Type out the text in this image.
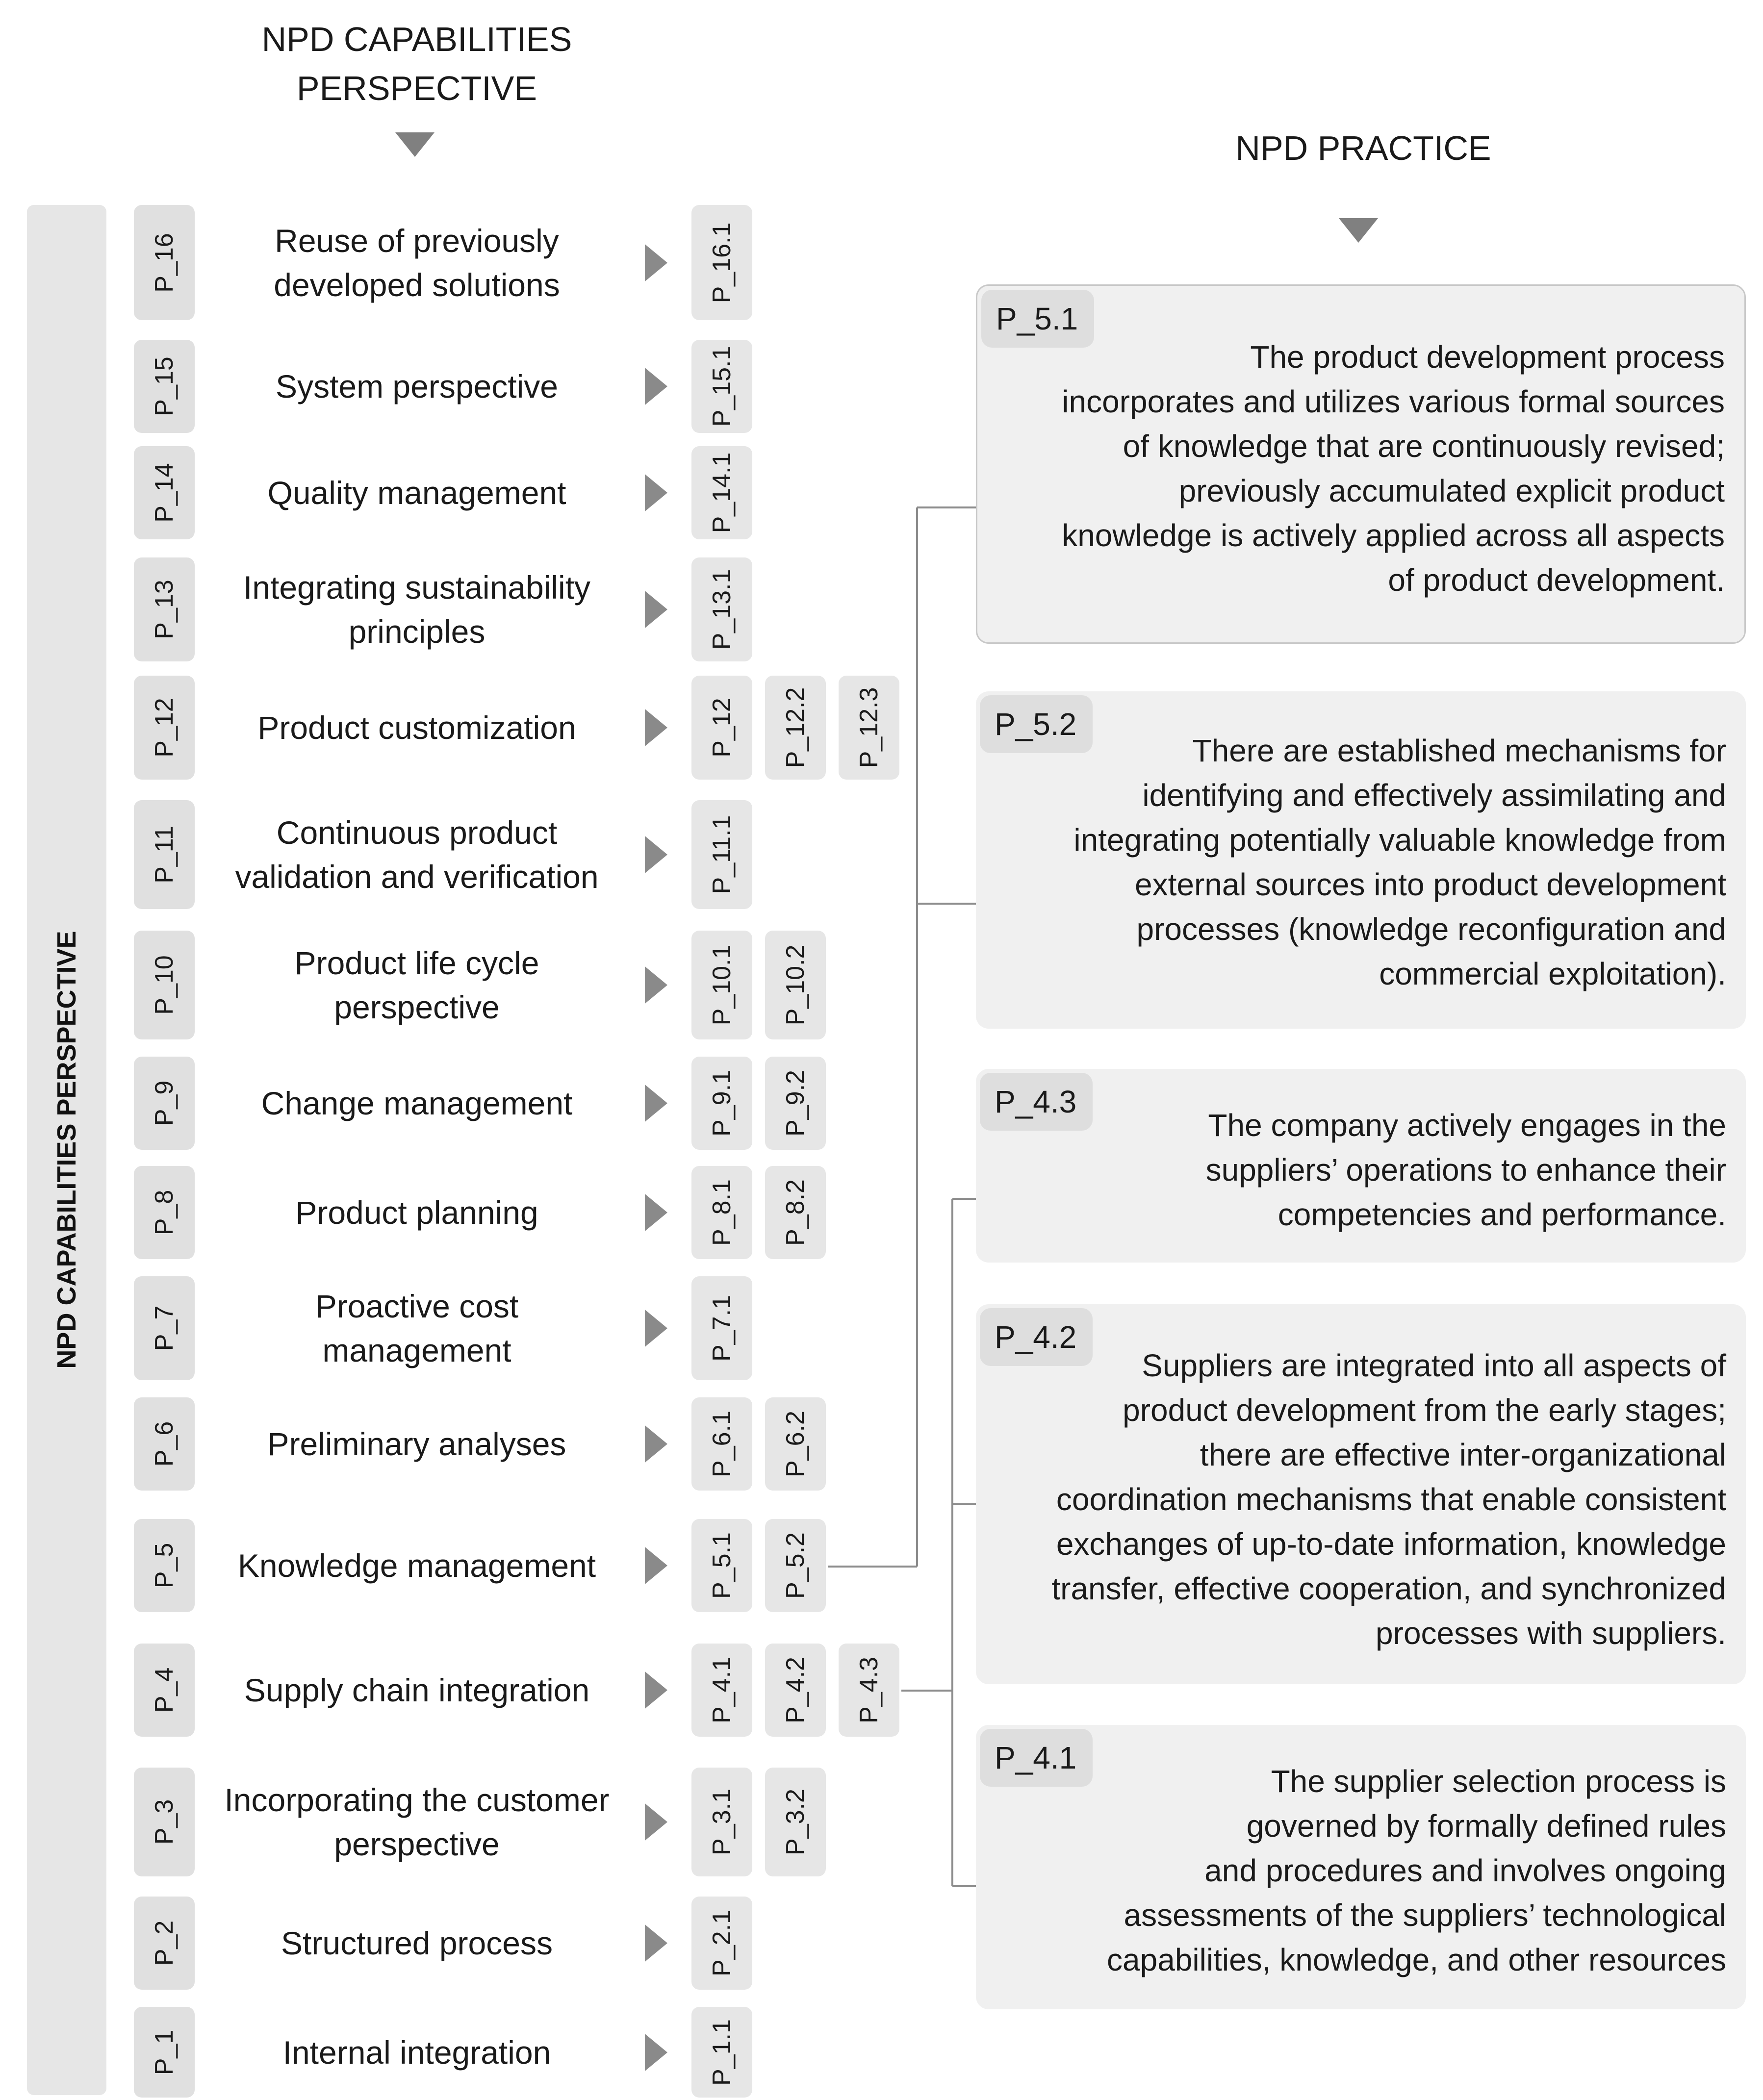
NPD CAPABILITIES
PERSPECTIVE
NPD PRACTICE
NPD CAPABILITIES PERSPECTIVE
P_16	Reuse of previously developed solutions	P_16.1
P_15	System perspective	P_15.1
P_14	Quality management	P_14.1
P_13	Integrating sustainability principles	P_13.1
P_12 Product customization	P_12 P_12.2 P_12.3
P_11	Continuous product validation and verification	P_11.1
P_10	Product life cycle perspective	P_10.1 P_10.2
P_9	Change management	P_9.1 P_9.2
P_8	Product planning	P_8.1 P_8.2
P_7	Proactive cost management	P_7.1
P_6	Preliminary analyses	P_6.1 P_6.2
P_5 Knowledge management	P_5.1 P_5.2
P_4 Supply chain integration	P_4.1 P_4.2 P_4.3
P_3 Incorporating the customer perspective	P_3.1 P_3.2
P_2	Structured process	P_2.1
P_1	Internal integration	P_1.1
P_5.1
The product development process
incorporates and utilizes various formal sources
of knowledge that are continuously revised;
previously accumulated explicit product
knowledge is actively applied across all aspects
of product development.
P_5.2
There are established mechanisms for
identifying and effectively assimilating and
integrating potentially valuable knowledge from
external sources into product development
processes (knowledge reconfiguration and
commercial exploitation).
P_4.3
The company actively engages in the
suppliers’ operations to enhance their
competencies and performance.
P_4.2
Suppliers are integrated into all aspects of
product development from the early stages;
there are effective inter-organizational
coordination mechanisms that enable consistent
exchanges of up-to-date information, knowledge
transfer, effective cooperation, and synchronized
processes with suppliers.
P_4.1
The supplier selection process is
governed by formally defined rules
and procedures and involves ongoing
assessments of the suppliers’ technological
capabilities, knowledge, and other resources
